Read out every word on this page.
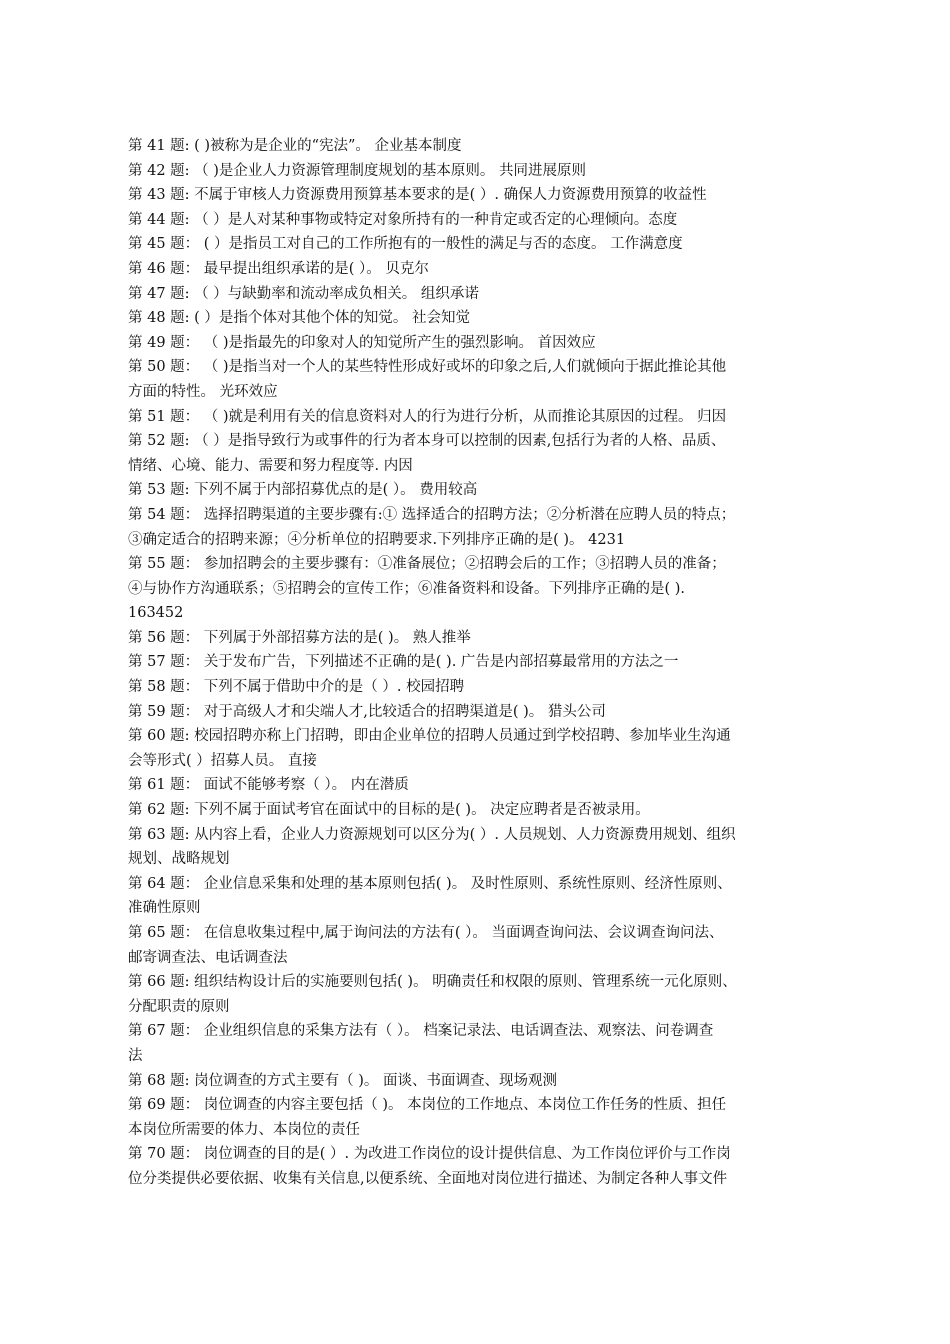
第 41 题: ( )被称为是企业的“宪法”。 企业基本制度
第 42 题: （ )是企业人力资源管理制度规划的基本原则。 共同进展原则
第 43 题: 不属于审核人力资源费用预算基本要求的是( ）. 确保人力资源费用预算的收益性
第 44 题: （ ）是人对某种事物或特定对象所持有的一种肯定或否定的心理倾向。态度
第 45 题： ( ）是指员工对自己的工作所抱有的一般性的满足与否的态度。 工作满意度
第 46 题： 最早提出组织承诺的是( ）。 贝克尔
第 47 题: （ ）与缺勤率和流动率成负相关。 组织承诺
第 48 题: ( ）是指个体对其他个体的知觉。 社会知觉
第 49 题： （ )是指最先的印象对人的知觉所产生的强烈影响。 首因效应
第 50 题： （ )是指当对一个人的某些特性形成好或坏的印象之后,人们就倾向于据此推论其他
方面的特性。 光环效应
第 51 题： （ )就是利用有关的信息资料对人的行为进行分析，从而推论其原因的过程。 归因
第 52 题: （ ）是指导致行为或事件的行为者本身可以控制的因素,包括行为者的人格、品质、
情绪、心境、能力、需要和努力程度等. 内因
第 53 题: 下列不属于内部招募优点的是( ）。 费用较高
第 54 题： 选择招聘渠道的主要步骤有:① 选择适合的招聘方法；②分析潜在应聘人员的特点；
③确定适合的招聘来源；④分析单位的招聘要求.下列排序正确的是( )。 4231
第 55 题： 参加招聘会的主要步骤有：①准备展位；②招聘会后的工作；③招聘人员的准备；
④与协作方沟通联系；⑤招聘会的宣传工作；⑥准备资料和设备。下列排序正确的是( ).
163452
第 56 题： 下列属于外部招募方法的是( )。 熟人推举
第 57 题： 关于发布广告，下列描述不正确的是( ). 广告是内部招募最常用的方法之一
第 58 题： 下列不属于借助中介的是（ ）. 校园招聘
第 59 题： 对于高级人才和尖端人才,比较适合的招聘渠道是( )。 猎头公司
第 60 题: 校园招聘亦称上门招聘，即由企业单位的招聘人员通过到学校招聘、参加毕业生沟通
会等形式( ）招募人员。 直接
第 61 题： 面试不能够考察（ ）。 内在潜质
第 62 题: 下列不属于面试考官在面试中的目标的是( )。 决定应聘者是否被录用。
第 63 题: 从内容上看，企业人力资源规划可以区分为( ）. 人员规划、人力资源费用规划、组织
规划、战略规划
第 64 题： 企业信息采集和处理的基本原则包括( )。 及时性原则、系统性原则、经济性原则、
准确性原则
第 65 题： 在信息收集过程中,属于询问法的方法有( ）。 当面调查询问法、会议调查询问法、
邮寄调查法、电话调查法
第 66 题: 组织结构设计后的实施要则包括( )。 明确责任和权限的原则、管理系统一元化原则、
分配职责的原则
第 67 题： 企业组织信息的采集方法有（ ）。 档案记录法、电话调查法、观察法、问卷调查
法
第 68 题: 岗位调查的方式主要有（ )。 面谈、书面调查、现场观测
第 69 题： 岗位调查的内容主要包括（ )。 本岗位的工作地点、本岗位工作任务的性质、担任
本岗位所需要的体力、本岗位的责任
第 70 题： 岗位调查的目的是( ）. 为改进工作岗位的设计提供信息、为工作岗位评价与工作岗
位分类提供必要依据、收集有关信息,以便系统、全面地对岗位进行描述、为制定各种人事文件
